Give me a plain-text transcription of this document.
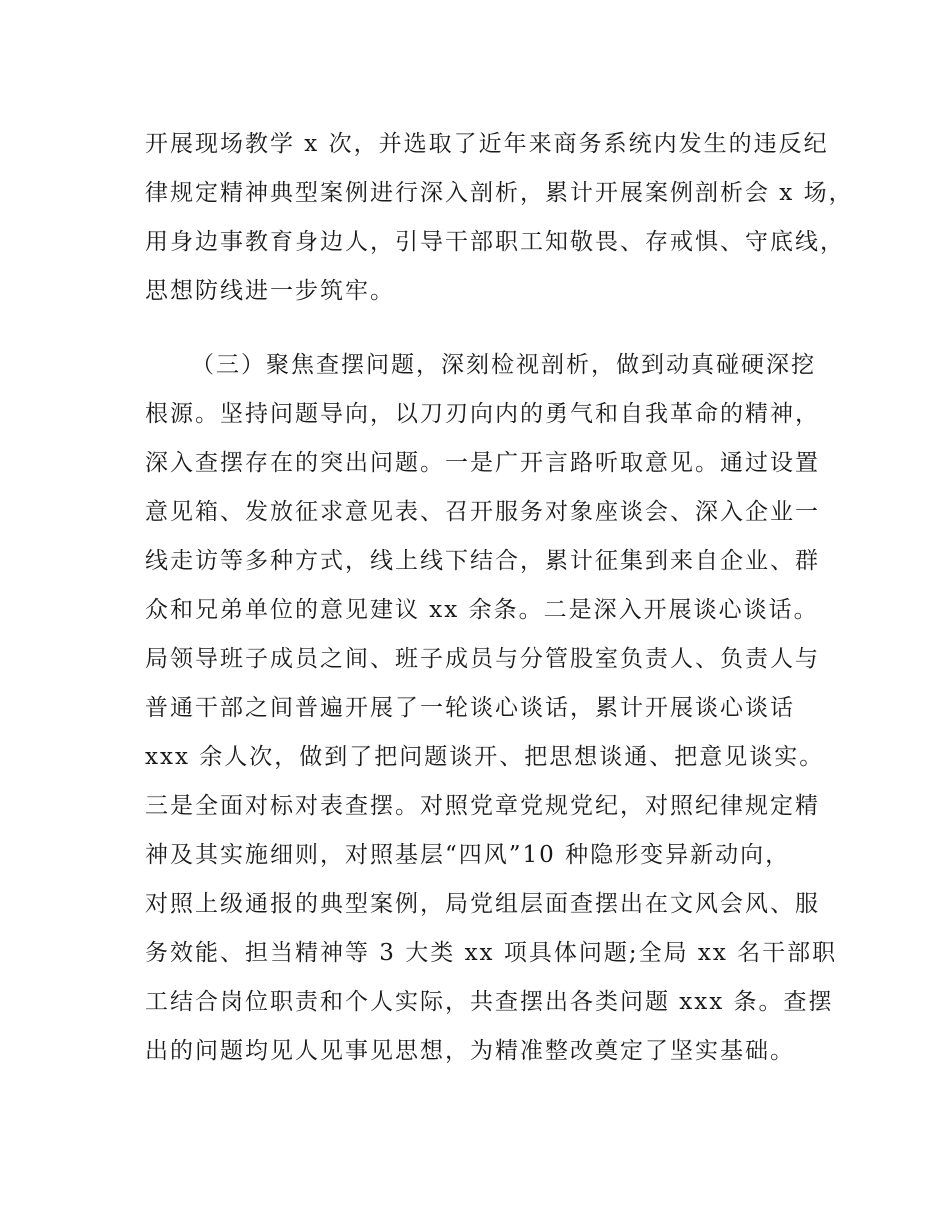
开展现场教学 x 次，并选取了近年来商务系统内发生的违反纪
律规定精神典型案例进行深入剖析，累计开展案例剖析会 x 场，
用身边事教育身边人，引导干部职工知敬畏、存戒惧、守底线，
思想防线进一步筑牢。
（三）聚焦查摆问题，深刻检视剖析，做到动真碰硬深挖
根源。坚持问题导向，以刀刃向内的勇气和自我革命的精神，
深入查摆存在的突出问题。一是广开言路听取意见。通过设置
意见箱、发放征求意见表、召开服务对象座谈会、深入企业一
线走访等多种方式，线上线下结合，累计征集到来自企业、群
众和兄弟单位的意见建议 xx 余条。二是深入开展谈心谈话。
局领导班子成员之间、班子成员与分管股室负责人、负责人与
普通干部之间普遍开展了一轮谈心谈话，累计开展谈心谈话
xxx 余人次，做到了把问题谈开、把思想谈通、把意见谈实。
三是全面对标对表查摆。对照党章党规党纪，对照纪律规定精
神及其实施细则，对照基层“四风”10 种隐形变异新动向，
对照上级通报的典型案例，局党组层面查摆出在文风会风、服
务效能、担当精神等 3 大类 xx 项具体问题;全局 xx 名干部职
工结合岗位职责和个人实际，共查摆出各类问题 xxx 条。查摆
出的问题均见人见事见思想，为精准整改奠定了坚实基础。
